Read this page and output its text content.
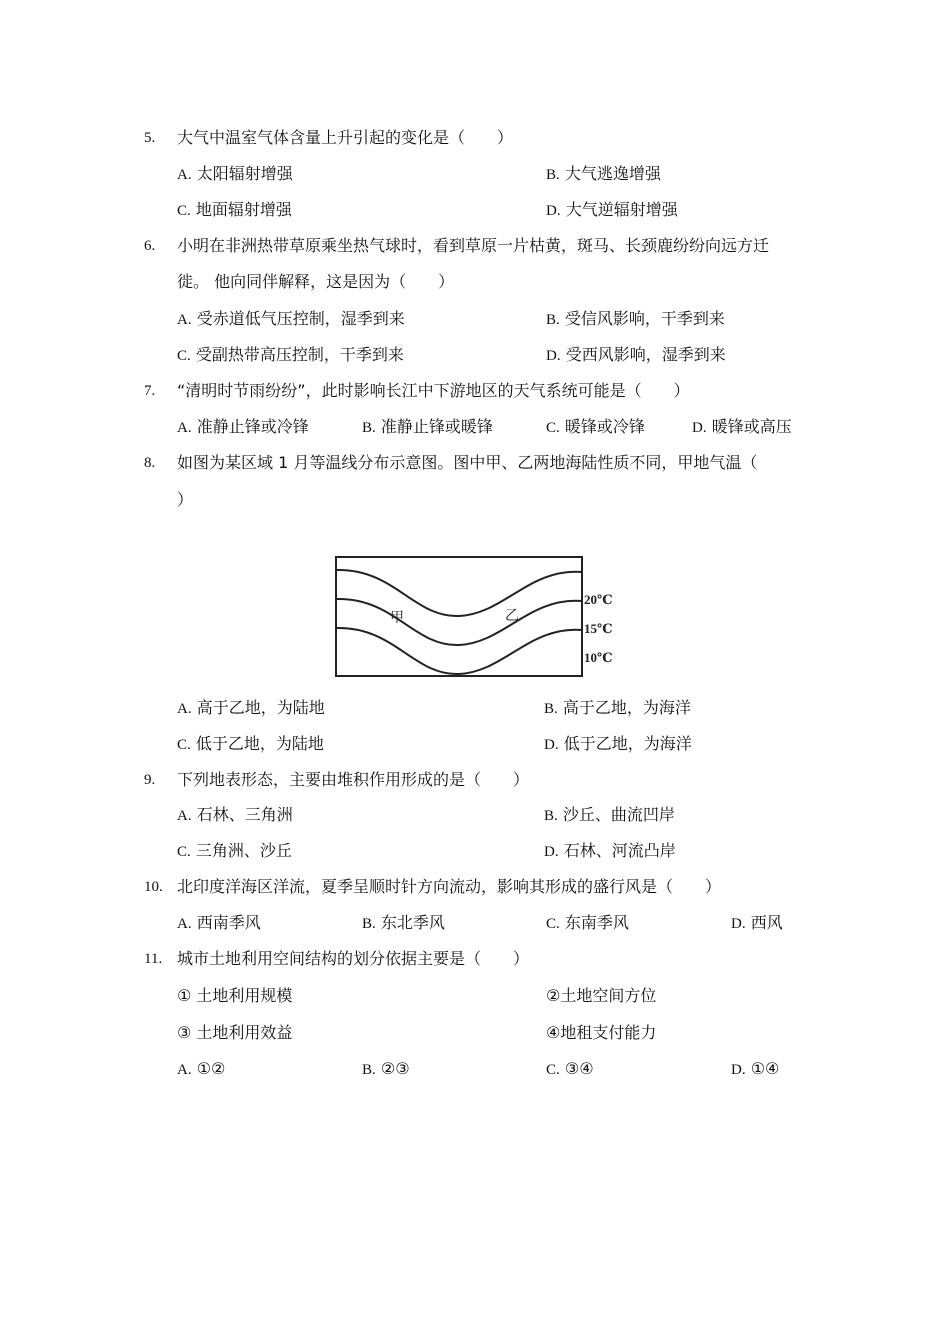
5.	大气中温室气体含量上升引起的变化是（　　）
A. 太阳辐射增强	B. 大气逃逸增强
C. 地面辐射增强	D. 大气逆辐射增强
6.	小明在非洲热带草原乘坐热气球时，看到草原一片枯黄，斑马、长颈鹿纷纷向远方迁
徙。 他向同伴解释，这是因为（　　）
A. 受赤道低气压控制，湿季到来	B. 受信风影响，干季到来
C. 受副热带高压控制，干季到来	D. 受西风影响，湿季到来
7.	“清明时节雨纷纷”，此时影响长江中下游地区的天气系统可能是（　　）
A. 准静止锋或冷锋	B. 准静止锋或暖锋	C. 暖锋或冷锋	D. 暖锋或高压
8.	如图为某区域 1 月等温线分布示意图。图中甲、乙两地海陆性质不同，甲地气温（
）
甲	乙
20℃
15℃
10℃
A. 高于乙地，为陆地	B. 高于乙地，为海洋
C. 低于乙地，为陆地	D. 低于乙地，为海洋
9.	下列地表形态，主要由堆积作用形成的是（　　）
A. 石林、三角洲	B. 沙丘、曲流凹岸
C. 三角洲、沙丘	D. 石林、河流凸岸
10. 北印度洋海区洋流，夏季呈顺时针方向流动，影响其形成的盛行风是（　　）
A. 西南季风	B. 东北季风	C. 东南季风	D. 西风
11. 城市土地利用空间结构的划分依据主要是（　　）
① 土地利用规模	②土地空间方位
③ 土地利用效益	④地租支付能力
A. ①②	B. ②③	C. ③④	D. ①④
